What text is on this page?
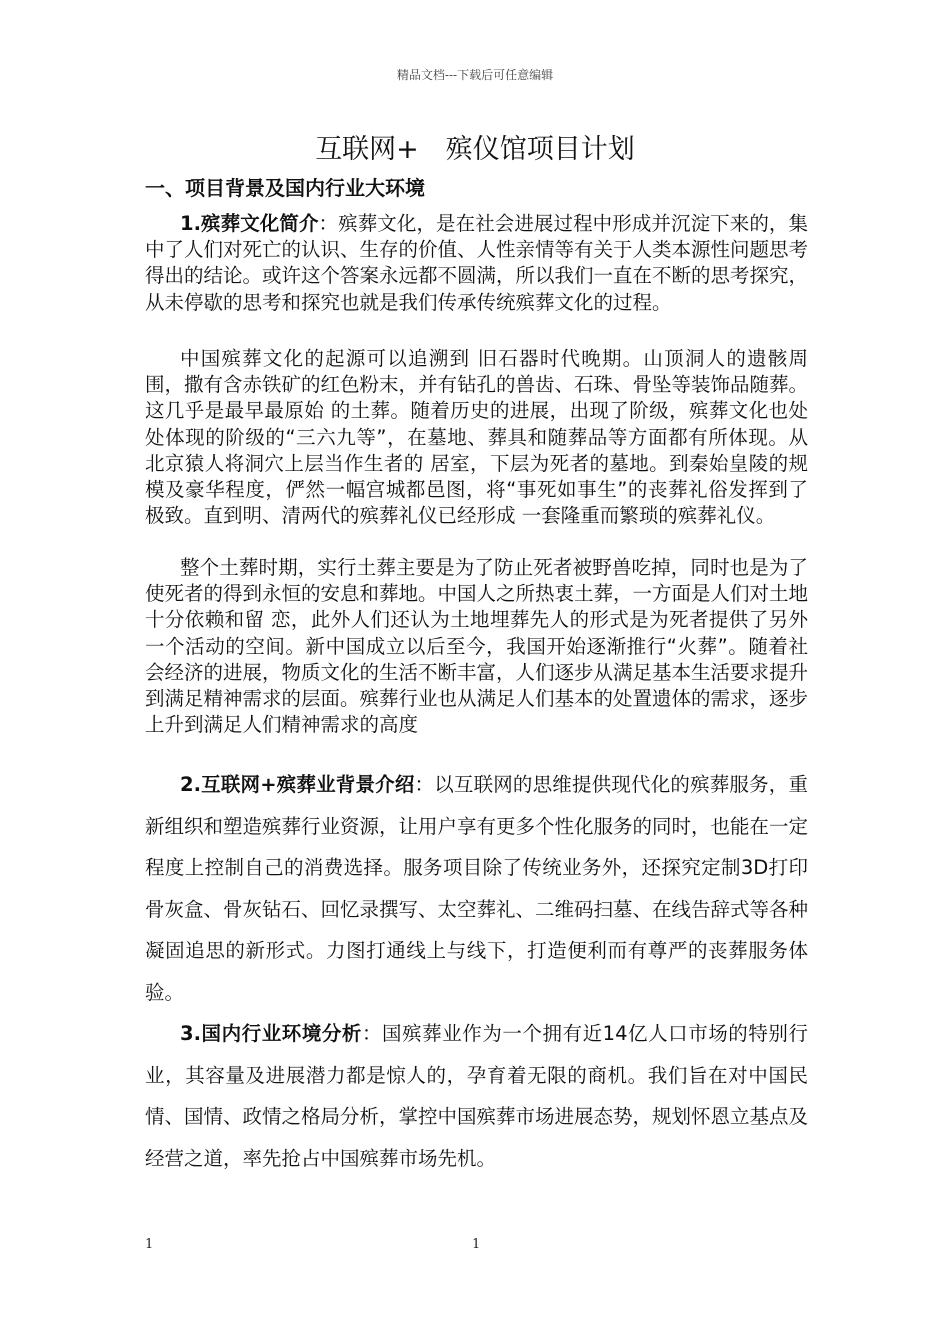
精品文档---下载后可任意编辑
互联网+　殡仪馆项目计划
一、项目背景及国内行业大环境

1.殡葬文化简介：殡葬文化，是在社会进展过程中形成并沉淀下来的，集中了人们对死亡的认识、生存的价值、人性亲情等有关于人类本源性问题思考得出的结论。或许这个答案永远都不圆满，所以我们一直在不断的思考探究，从未停歇的思考和探究也就是我们传承传统殡葬文化的过程。

中国殡葬文化的起源可以追溯到 旧石器时代晚期。山顶洞人的遗骸周围，撒有含赤铁矿的红色粉末，并有钻孔的兽齿、石珠、骨坠等装饰品随葬。这几乎是最早最原始 的土葬。随着历史的进展，出现了阶级，殡葬文化也处处体现的阶级的“三六九等”，在墓地、葬具和随葬品等方面都有所体现。从北京猿人将洞穴上层当作生者的 居室，下层为死者的墓地。到秦始皇陵的规模及豪华程度，俨然一幅宫城都邑图，将“事死如事生”的丧葬礼俗发挥到了极致。直到明、清两代的殡葬礼仪已经形成 一套隆重而繁琐的殡葬礼仪。

整个土葬时期，实行土葬主要是为了防止死者被野兽吃掉，同时也是为了使死者的得到永恒的安息和葬地。中国人之所热衷土葬，一方面是人们对土地十分依赖和留 恋，此外人们还认为土地埋葬先人的形式是为死者提供了另外一个活动的空间。新中国成立以后至今，我国开始逐渐推行“火葬”。随着社会经济的进展，物质文化的生活不断丰富，人们逐步从满足基本生活要求提升到满足精神需求的层面。殡葬行业也从满足人们基本的处置遗体的需求，逐步上升到满足人们精神需求的高度

2.互联网+殡葬业背景介绍：以互联网的思维提供现代化的殡葬服务，重新组织和塑造殡葬行业资源，让用户享有更多个性化服务的同时，也能在一定程度上控制自己的消费选择。服务项目除了传统业务外，还探究定制3D打印骨灰盒、骨灰钻石、回忆录撰写、太空葬礼、二维码扫墓、在线告辞式等各种凝固追思的新形式。力图打通线上与线下，打造便利而有尊严的丧葬服务体验。

3.国内行业环境分析：国殡葬业作为一个拥有近14亿人口市场的特别行业，其容量及进展潜力都是惊人的，孕育着无限的商机。我们旨在对中国民情、国情、政情之格局分析，掌控中国殡葬市场进展态势，规划怀恩立基点及经营之道，率先抢占中国殡葬市场先机。

1	1
